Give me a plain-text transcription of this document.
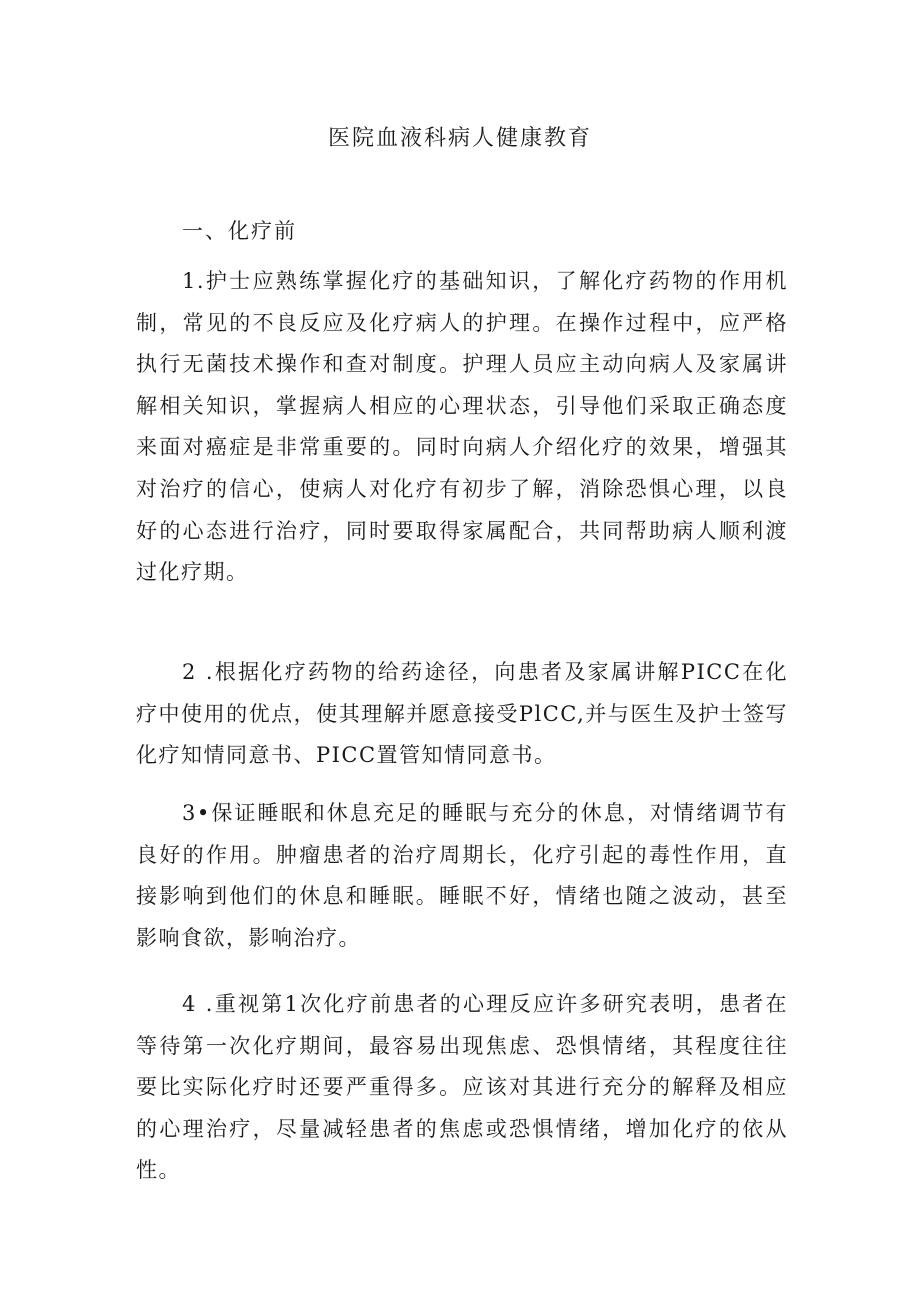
医院血液科病人健康教育
一、化疗前

1.护士应熟练掌握化疗的基础知识，了解化疗药物的作用机制，常见的不良反应及化疗病人的护理。在操作过程中，应严格执行无菌技术操作和查对制度。护理人员应主动向病人及家属讲解相关知识，掌握病人相应的心理状态，引导他们采取正确态度来面对癌症是非常重要的。同时向病人介绍化疗的效果，增强其对治疗的信心，使病人对化疗有初步了解，消除恐惧心理，以良好的心态进行治疗，同时要取得家属配合，共同帮助病人顺利渡过化疗期。

2 .根据化疗药物的给药途径，向患者及家属讲解PICC在化疗中使用的优点，使其理解并愿意接受PlCC,并与医生及护士签写化疗知情同意书、PICC置管知情同意书。

3•保证睡眠和休息充足的睡眠与充分的休息，对情绪调节有良好的作用。肿瘤患者的治疗周期长，化疗引起的毒性作用，直接影响到他们的休息和睡眠。睡眠不好，情绪也随之波动，甚至影响食欲，影响治疗。

4 .重视第1次化疗前患者的心理反应许多研究表明，患者在等待第一次化疗期间，最容易出现焦虑、恐惧情绪，其程度往往要比实际化疗时还要严重得多。应该对其进行充分的解释及相应的心理治疗，尽量减轻患者的焦虑或恐惧情绪，增加化疗的依从性。
